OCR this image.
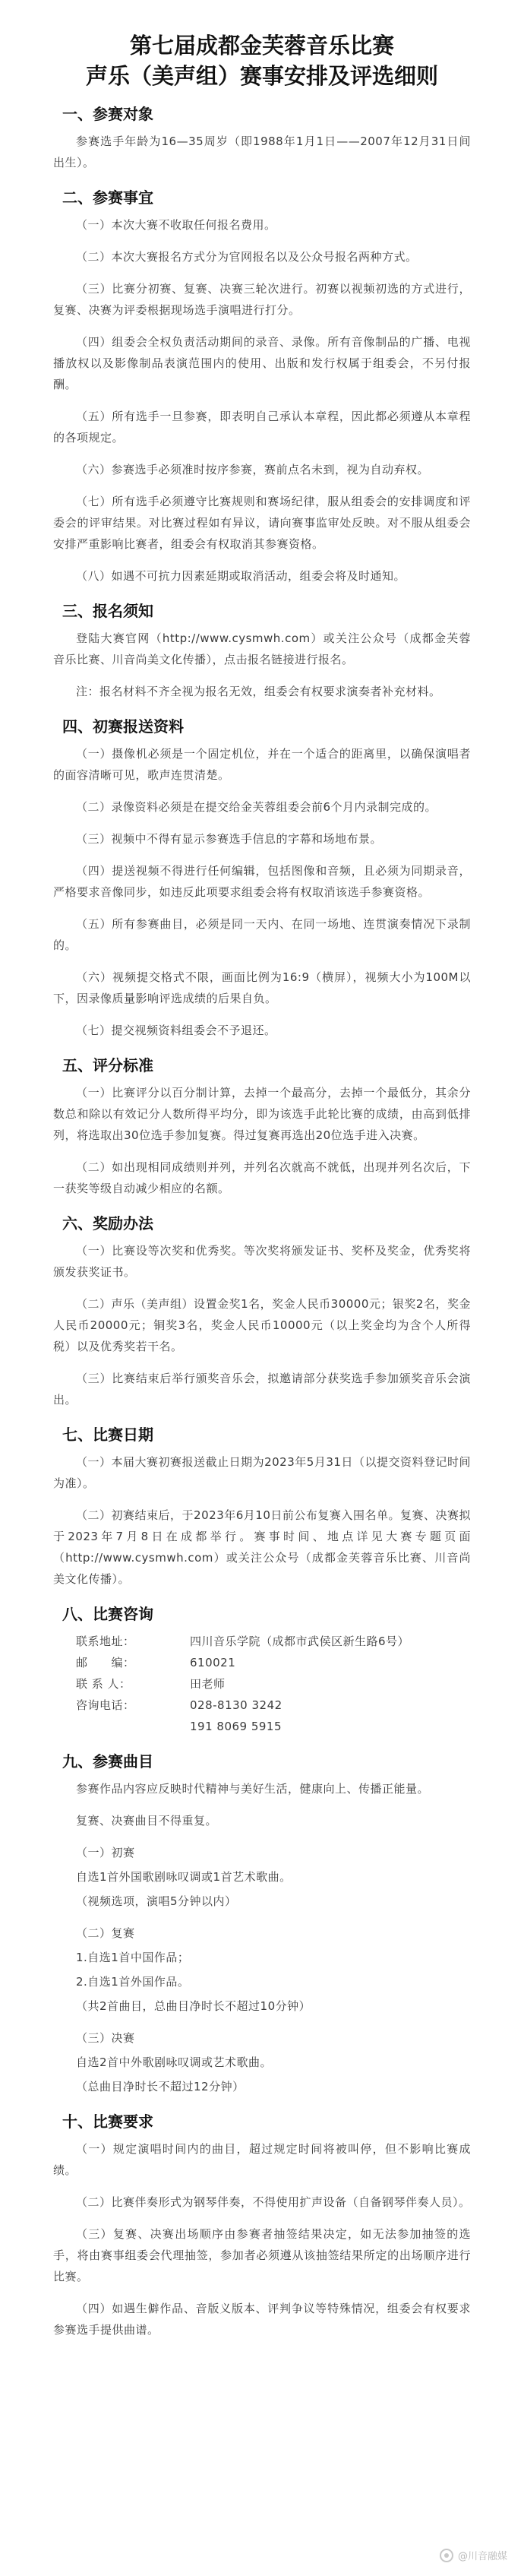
第七届成都金芙蓉音乐比赛
声乐（美声组）赛事安排及评选细则
一、参赛对象

参赛选手年龄为16—35周岁（即1988年1月1日——2007年12月31日间出生）。

二、参赛事宜

（一）本次大赛不收取任何报名费用。

（二）本次大赛报名方式分为官网报名以及公众号报名两种方式。

（三）比赛分初赛、复赛、决赛三轮次进行。初赛以视频初选的方式进行，复赛、决赛为评委根据现场选手演唱进行打分。

（四）组委会全权负责活动期间的录音、录像。所有音像制品的广播、电视播放权以及影像制品表演范围内的使用、出版和发行权属于组委会，不另付报酬。

（五）所有选手一旦参赛，即表明自己承认本章程，因此都必须遵从本章程的各项规定。

（六）参赛选手必须准时按序参赛，赛前点名未到，视为自动弃权。

（七）所有选手必须遵守比赛规则和赛场纪律，服从组委会的安排调度和评委会的评审结果。对比赛过程如有异议，请向赛事监审处反映。对不服从组委会安排严重影响比赛者，组委会有权取消其参赛资格。

（八）如遇不可抗力因素延期或取消活动，组委会将及时通知。

三、报名须知

登陆大赛官网（http://www.cysmwh.com）或关注公众号（成都金芙蓉音乐比赛、川音尚美文化传播），点击报名链接进行报名。

注：报名材料不齐全视为报名无效，组委会有权要求演奏者补充材料。

四、初赛报送资料

（一）摄像机必须是一个固定机位，并在一个适合的距离里，以确保演唱者的面容清晰可见，歌声连贯清楚。

（二）录像资料必须是在提交给金芙蓉组委会前6个月内录制完成的。

（三）视频中不得有显示参赛选手信息的字幕和场地布景。

（四）提送视频不得进行任何编辑，包括图像和音频，且必须为同期录音，严格要求音像同步，如违反此项要求组委会将有权取消该选手参赛资格。

（五）所有参赛曲目，必须是同一天内、在同一场地、连贯演奏情况下录制的。

（六）视频提交格式不限，画面比例为16:9（横屏），视频大小为100M以下，因录像质量影响评选成绩的后果自负。

（七）提交视频资料组委会不予退还。

五、评分标准

（一）比赛评分以百分制计算，去掉一个最高分，去掉一个最低分，其余分数总和除以有效记分人数所得平均分，即为该选手此轮比赛的成绩，由高到低排列，将选取出30位选手参加复赛。得过复赛再选出20位选手进入决赛。

（二）如出现相同成绩则并列，并列名次就高不就低，出现并列名次后，下一获奖等级自动减少相应的名额。

六、奖励办法

（一）比赛设等次奖和优秀奖。等次奖将颁发证书、奖杯及奖金，优秀奖将颁发获奖证书。

（二）声乐（美声组）设置金奖1名，奖金人民币30000元；银奖2名，奖金人民币20000元；铜奖3名，奖金人民币10000元（以上奖金均为含个人所得税）以及优秀奖若干名。

（三）比赛结束后举行颁奖音乐会，拟邀请部分获奖选手参加颁奖音乐会演出。

七、比赛日期

（一）本届大赛初赛报送截止日期为2023年5月31日（以提交资料登记时间为准）。

（二）初赛结束后，于2023年6月10日前公布复赛入围名单。复赛、决赛拟于2023年7月8日在成都举行。赛事时间、地点详见大赛专题页面（http://www.cysmwh.com）或关注公众号（成都金芙蓉音乐比赛、川音尚美文化传播）。

八、比赛咨询
联系地址：	四川音乐学院（成都市武侯区新生路6号）
邮　　编：	610021
联 系 人：	田老师
咨询电话：	028-8130 3242
191 8069 5915
九、参赛曲目

参赛作品内容应反映时代精神与美好生活，健康向上、传播正能量。

复赛、决赛曲目不得重复。

（一）初赛
自选1首外国歌剧咏叹调或1首艺术歌曲。
（视频选项，演唱5分钟以内）
（二）复赛
1.自选1首中国作品；
2.自选1首外国作品。
（共2首曲目，总曲目净时长不超过10分钟）
（三）决赛
自选2首中外歌剧咏叹调或艺术歌曲。
（总曲目净时长不超过12分钟）
十、比赛要求

（一）规定演唱时间内的曲目，超过规定时间将被叫停，但不影响比赛成绩。

（二）比赛伴奏形式为钢琴伴奏，不得使用扩声设备（自备钢琴伴奏人员）。

（三）复赛、决赛出场顺序由参赛者抽签结果决定，如无法参加抽签的选手，将由赛事组委会代理抽签，参加者必须遵从该抽签结果所定的出场顺序进行比赛。

（四）如遇生僻作品、音版义版本、评判争议等特殊情况，组委会有权要求参赛选手提供曲谱。

@川音融媒
